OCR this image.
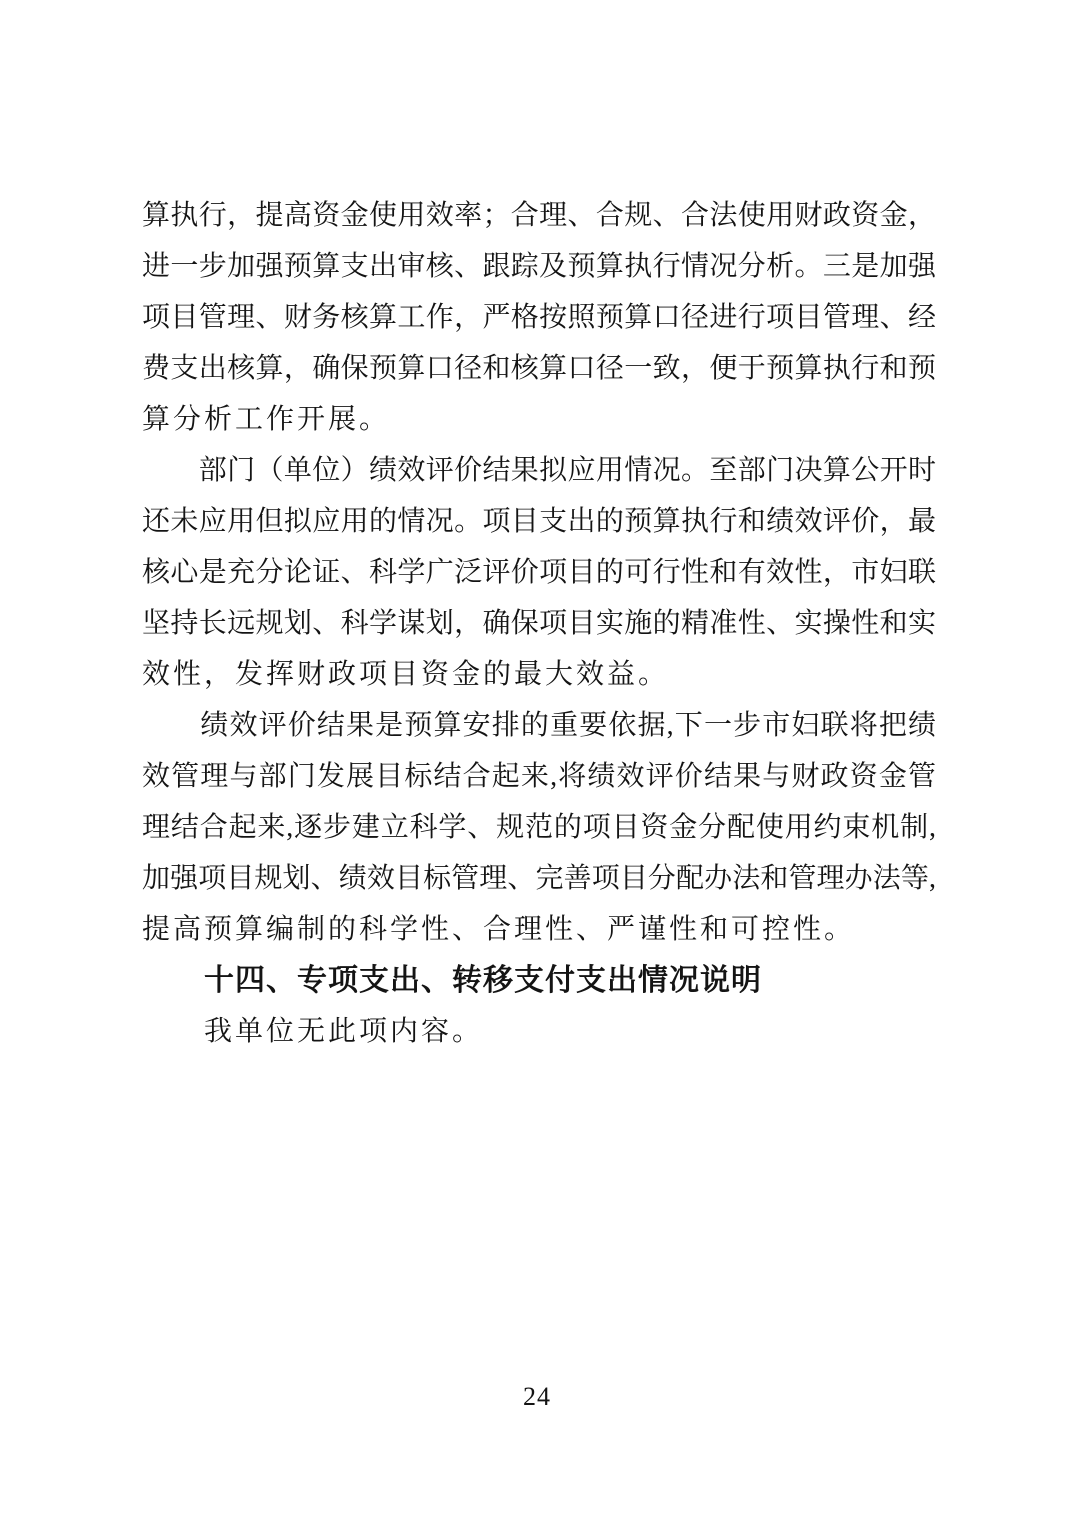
算执行，提高资金使用效率；合理、合规、合法使用财政资金，
进一步加强预算支出审核、跟踪及预算执行情况分析。三是加强
项目管理、财务核算工作，严格按照预算口径进行项目管理、经
费支出核算，确保预算口径和核算口径一致，便于预算执行和预
算分析工作开展。
　　部门（单位）绩效评价结果拟应用情况。至部门决算公开时
还未应用但拟应用的情况。项目支出的预算执行和绩效评价，最
核心是充分论证、科学广泛评价项目的可行性和有效性，市妇联
坚持长远规划、科学谋划，确保项目实施的精准性、实操性和实
效性，发挥财政项目资金的最大效益。
　　绩效评价结果是预算安排的重要依据,下一步市妇联将把绩
效管理与部门发展目标结合起来,将绩效评价结果与财政资金管
理结合起来,逐步建立科学、规范的项目资金分配使用约束机制,
加强项目规划、绩效目标管理、完善项目分配办法和管理办法等,
提高预算编制的科学性、合理性、严谨性和可控性。
　　十四、专项支出、转移支付支出情况说明
　　我单位无此项内容。
24
